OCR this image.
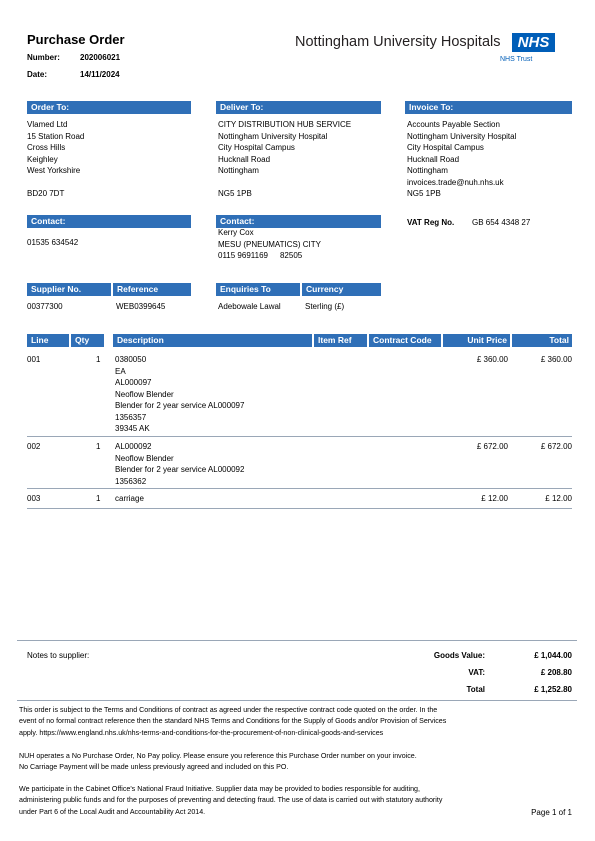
Purchase Order
Number:	202006021
Date:	14/11/2024
Nottingham University Hospitals	NHS
NHS Trust
Order To:	Deliver To:	Invoice To:
Vlamed Ltd
15 Station Road
Cross Hills
Keighley
West Yorkshire

BD20 7DT
CITY DISTRIBUTION HUB SERVICE
Nottingham University Hospital
City Hospital Campus
Hucknall Road
Nottingham

NG5 1PB
Accounts Payable Section
Nottingham University Hospital
City Hospital Campus
Hucknall Road
Nottingham
invoices.trade@nuh.nhs.uk
NG5 1PB
Contact:
01535 634542
Contact:
Kerry Cox
MESU (PNEUMATICS) CITY
0115 9691169 82505
VAT Reg No. GB 654 4348 27
Supplier No.	Reference	Enquiries To	Currency
00377300	WEB0399645	Adebowale Lawal	Sterling (£)
Line	Qty	Description	Item Ref	Contract Code	Unit Price	Total
001	1 0380050
EA
AL000097
Neoflow Blender
Blender for 2 year service AL000097
1356357
39345 AK
£ 360.00	£ 360.00
002	1 AL000092
Neoflow Blender
Blender for 2 year service AL000092
1356362
£ 672.00	£ 672.00
003	1 carriage	£ 12.00	£ 12.00
Notes to supplier:	Goods Value:	£ 1,044.00
VAT:	£ 208.80
Total	£ 1,252.80
This order is subject to the Terms and Conditions of contract as agreed under the respective contract code quoted on the order. In the
event of no formal contract reference then the standard NHS Terms and Conditions for the Supply of Goods and/or Provision of Services
apply. https://www.england.nhs.uk/nhs-terms-and-conditions-for-the-procurement-of-non-clinical-goods-and-services
NUH operates a No Purchase Order, No Pay policy. Please ensure you reference this Purchase Order number on your invoice.
No Carriage Payment will be made unless previously agreed and included on this PO.
We participate in the Cabinet Office's National Fraud Initiative. Supplier data may be provided to bodies responsible for auditing,
administering public funds and for the purposes of preventing and detecting fraud. The use of data is carried out with statutory authority
under Part 6 of the Local Audit and Accountability Act 2014.	Page 1 of 1
